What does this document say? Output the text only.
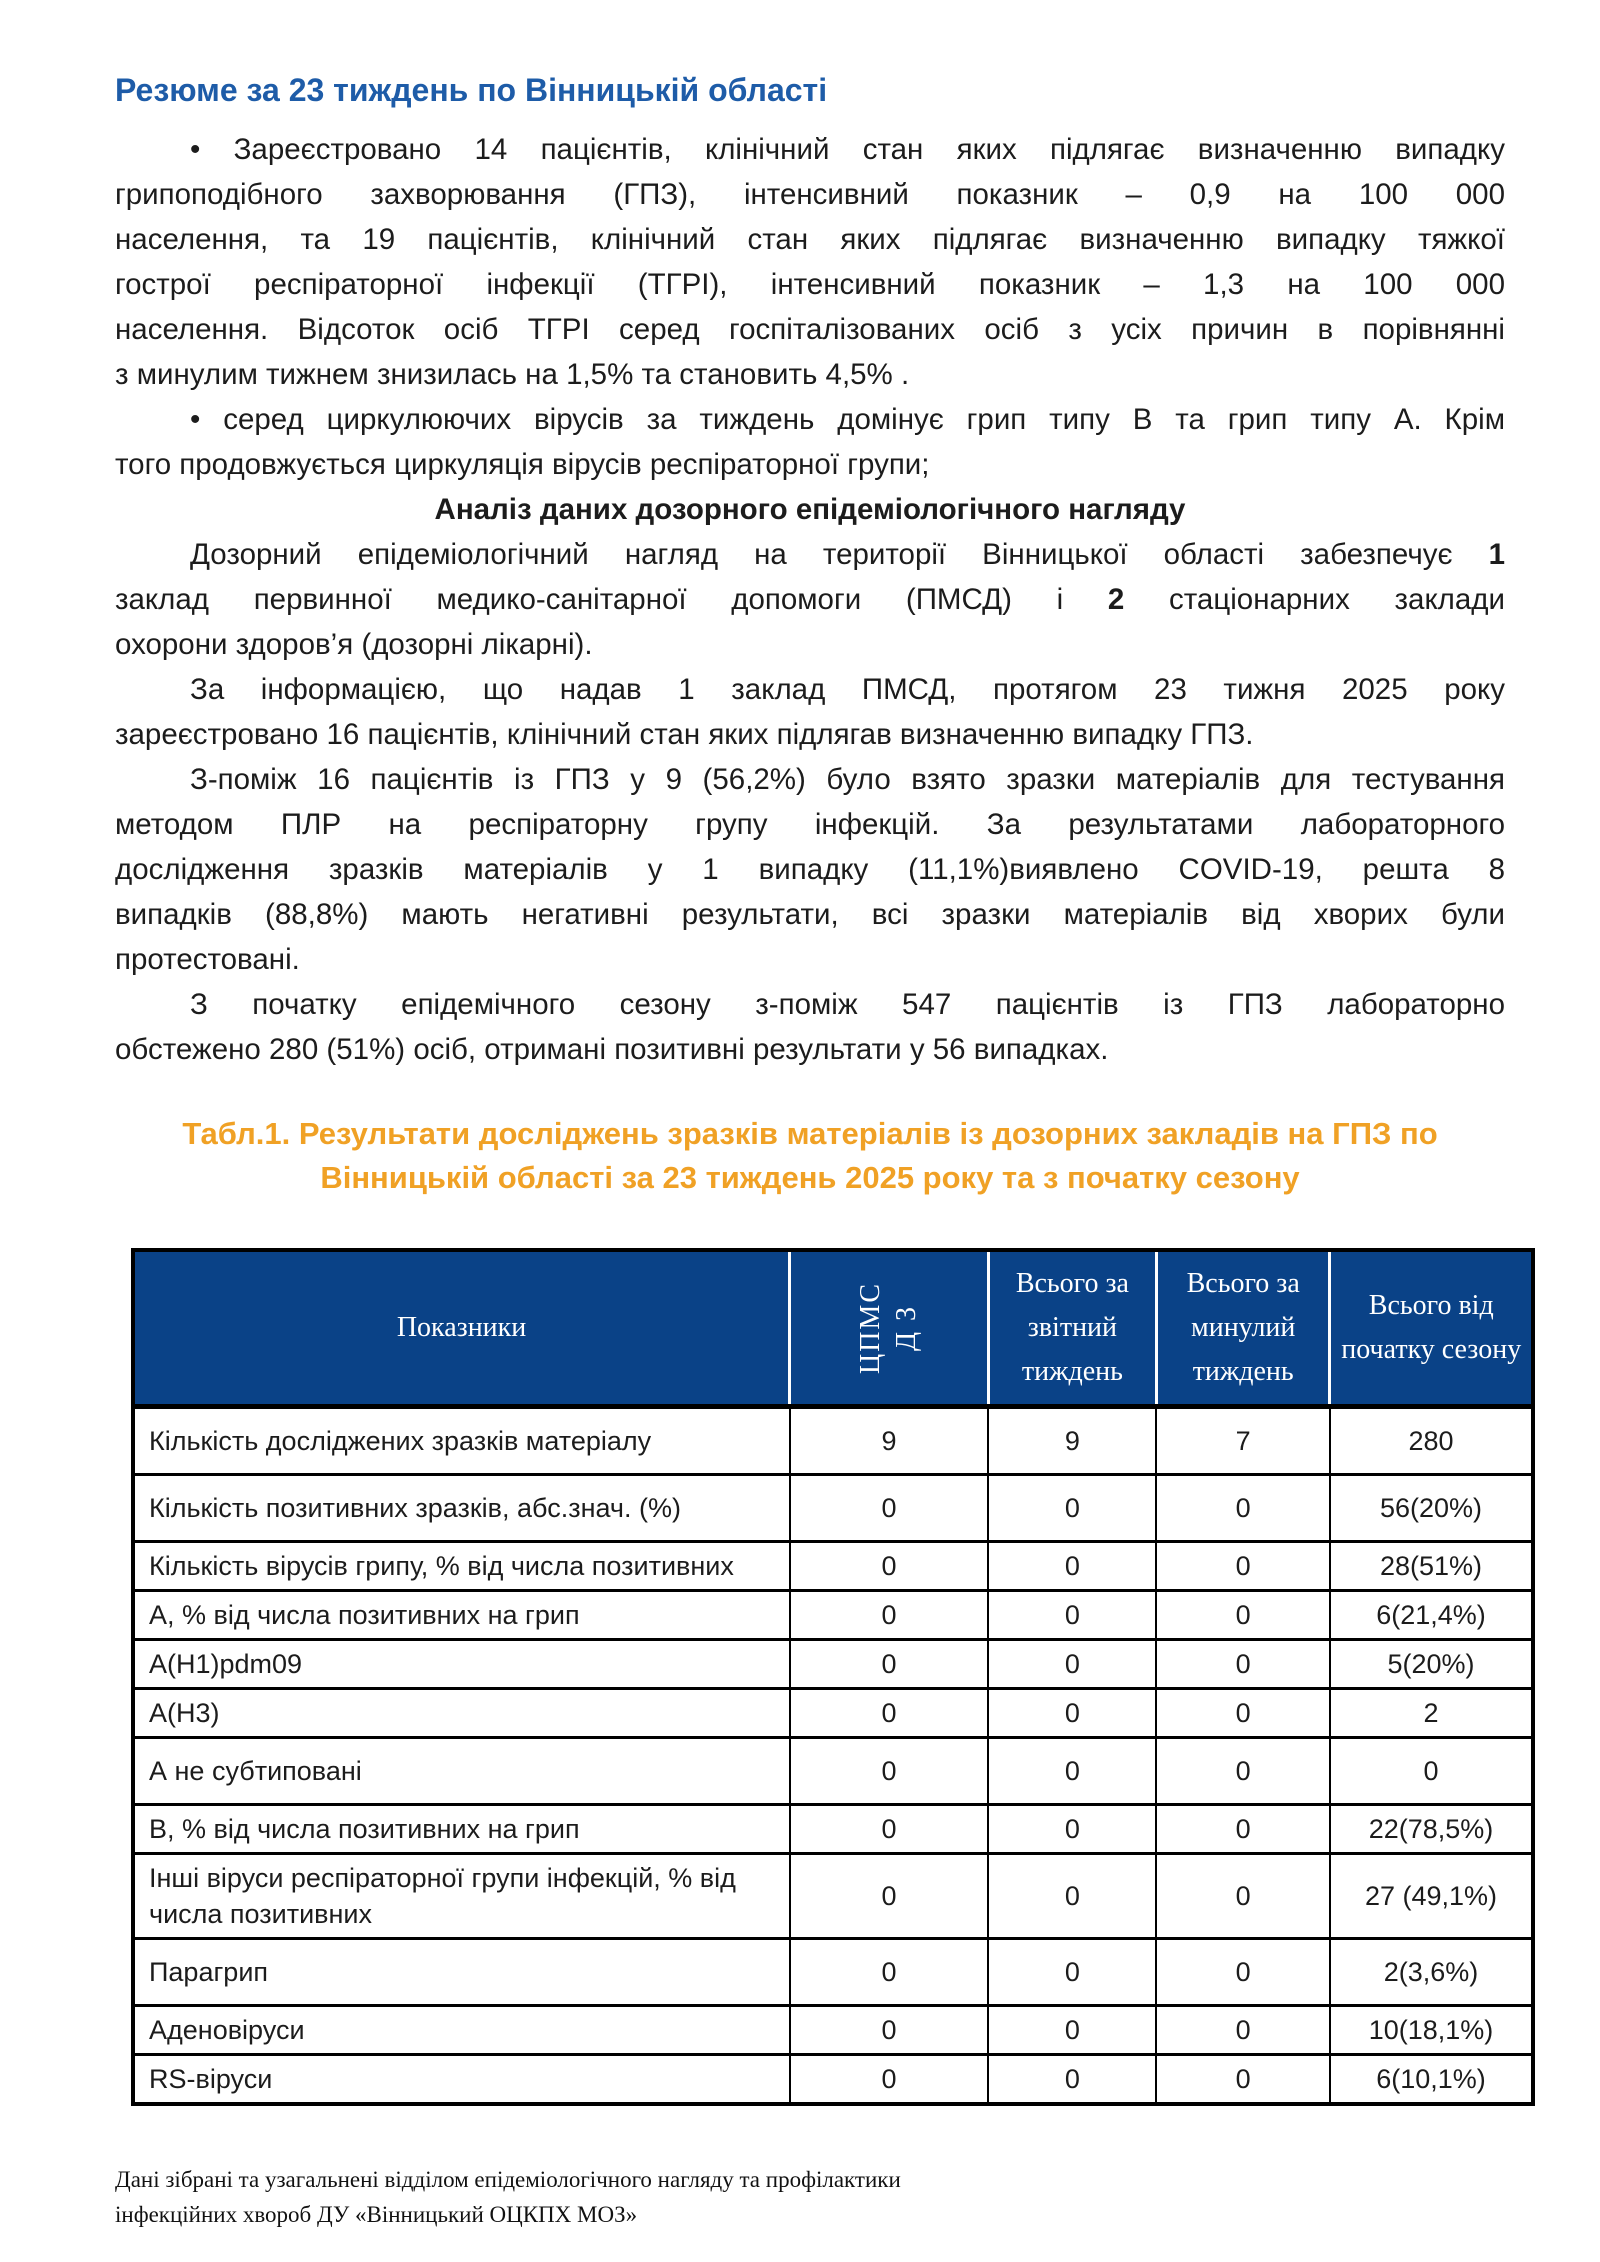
Резюме за 23 тиждень по Вінницькій області
• Зареєстровано 14 пацієнтів, клінічний стан яких підлягає визначенню випадку
грипоподібного захворювання (ГПЗ), інтенсивний показник – 0,9 на 100 000
населення, та 19 пацієнтів, клінічний стан яких підлягає визначенню випадку тяжкої
гострої респіраторної інфекції (ТГРІ), інтенсивний показник – 1,3 на 100 000
населення. Відсоток осіб ТГРІ серед госпіталізованих осіб з усіх причин в порівнянні
з минулим тижнем знизилась на 1,5% та становить 4,5% .
• серед циркулюючих вірусів за тиждень домінує грип типу В та грип типу А. Крім
того продовжується циркуляція вірусів респіраторної групи;
Аналіз даних дозорного епідеміологічного нагляду
Дозорний епідеміологічний нагляд на території Вінницької області забезпечує 1
заклад первинної медико-санітарної допомоги (ПМСД) і 2 стаціонарних заклади
охорони здоров’я (дозорні лікарні).
За інформацією, що надав 1 заклад ПМСД, протягом 23 тижня 2025 року
зареєстровано 16 пацієнтів, клінічний стан яких підлягав визначенню випадку ГПЗ.
З-поміж 16 пацієнтів із ГПЗ у 9 (56,2%) було взято зразки матеріалів для тестування
методом ПЛР на респіраторну групу інфекцій. За результатами лабораторного
дослідження зразків матеріалів у 1 випадку (11,1%)виявлено COVID-19, решта 8
випадків (88,8%) мають негативні результати, всі зразки матеріалів від хворих були
протестовані.
З початку епідемічного сезону з-поміж 547 пацієнтів із ГПЗ лабораторно
обстежено 280 (51%) осіб, отримані позитивні результати у 56 випадках.
Табл.1. Результати досліджень зразків матеріалів із дозорних закладів на ГПЗ по
Вінницькій області за 23 тиждень 2025 року та з початку сезону
Показники	ЦПМС Д 3	Всього за звітний тиждень	Всього за минулий тиждень	Всього від початку сезону
Кількість досліджених зразків матеріалу	9	9	7	280
Кількість позитивних зразків, абс.знач. (%)	0	0	0	56(20%)
Кількість вірусів грипу, % від числа позитивних	0	0	0	28(51%)
А, % від числа позитивних на грип	0	0	0	6(21,4%)
A(H1)pdm09	0	0	0	5(20%)
A(H3)	0	0	0	2
А не субтиповані	0	0	0	0
В, % від числа позитивних на грип	0	0	0	22(78,5%)
Інші віруси респіраторної групи інфекцій, % від числа позитивних	0	0	0	27 (49,1%)
Парагрип	0	0	0	2(3,6%)
Аденовіруси	0	0	0	10(18,1%)
RS-віруси	0	0	0	6(10,1%)
Дані зібрані та узагальнені відділом епідеміологічного нагляду та профілактики
інфекційних хвороб ДУ «Вінницький ОЦКПХ МОЗ»
